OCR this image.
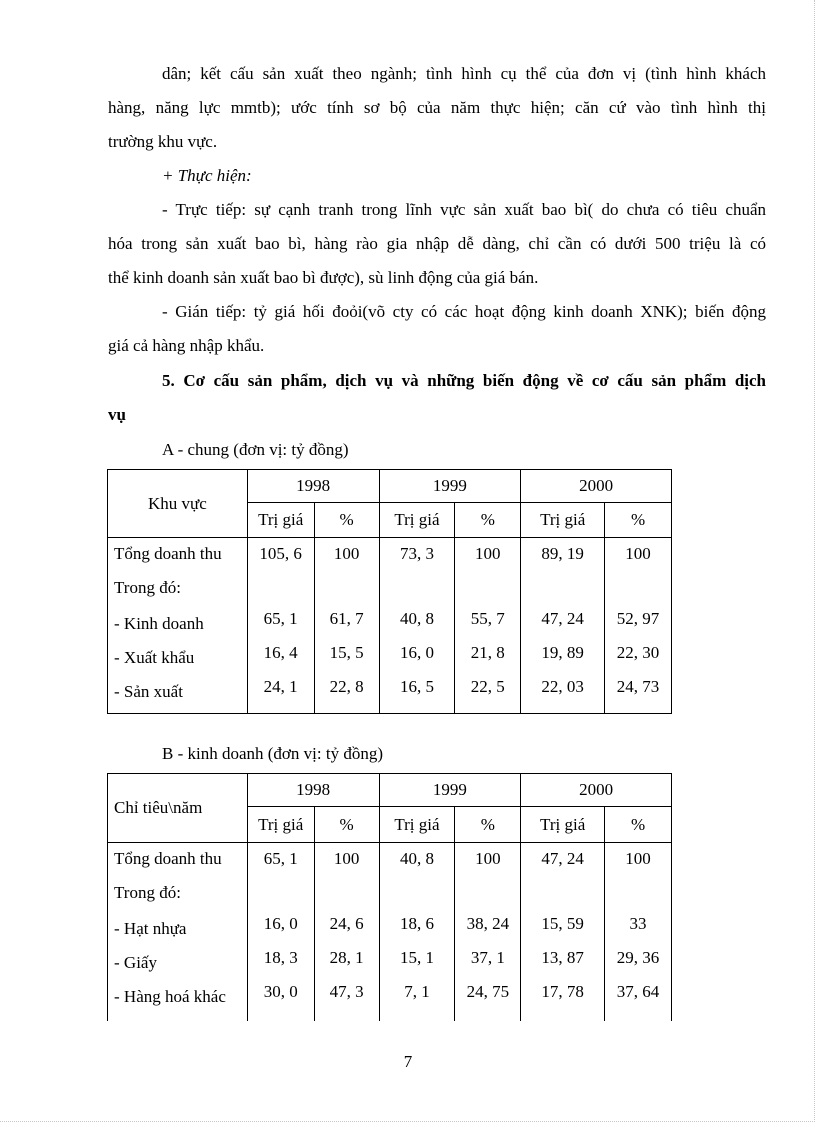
dân; kết cấu sản xuất theo ngành; tình hình cụ thể của đơn vị (tình hình khách
hàng, năng lực mmtb); ước tính sơ bộ của năm thực hiện; căn cứ vào tình hình thị
trường khu vực.
+ Thực hiện:
- Trực tiếp: sự cạnh tranh trong lĩnh vực sản xuất bao bì( do chưa có tiêu chuẩn
hóa trong sản xuất bao bì, hàng rào gia nhập dễ dàng, chỉ cần có dưới 500 triệu là có
thể kinh doanh sản xuất bao bì được), sù linh động của giá bán.
- Gián tiếp: tỷ giá hối đoỏi(võ cty có các hoạt động kinh doanh XNK); biến động
giá cả hàng nhập khẩu.
5. Cơ cấu sản phẩm, dịch vụ và những biến động về cơ cấu sản phẩm dịch
vụ
A - chung (đơn vị: tỷ đồng)
Khu vực	1998		1999		2000	
	Trị giá	%	Trị giá	%	Trị giá	%
Tổng doanh thu	105, 6	100	73, 3	100	89, 19	100
Trong đó:						
- Kinh doanh	65, 1	61, 7	40, 8	55, 7	47, 24	52, 97
- Xuất khẩu	16, 4	15, 5	16, 0	21, 8	19, 89	22, 30
- Sản xuất	24, 1	22, 8	16, 5	22, 5	22, 03	24, 73
B - kinh doanh (đơn vị: tỷ đồng)
Chỉ tiêu\năm	1998		1999		2000	
	Trị giá	%	Trị giá	%	Trị giá	%
Tổng doanh thu	65, 1	100	40, 8	100	47, 24	100
Trong đó:						
- Hạt nhựa	16, 0	24, 6	18, 6	38, 24	15, 59	33
- Giấy	18, 3	28, 1	15, 1	37, 1	13, 87	29, 36
- Hàng hoá khác	30, 0	47, 3	7, 1	24, 75	17, 78	37, 64
7
